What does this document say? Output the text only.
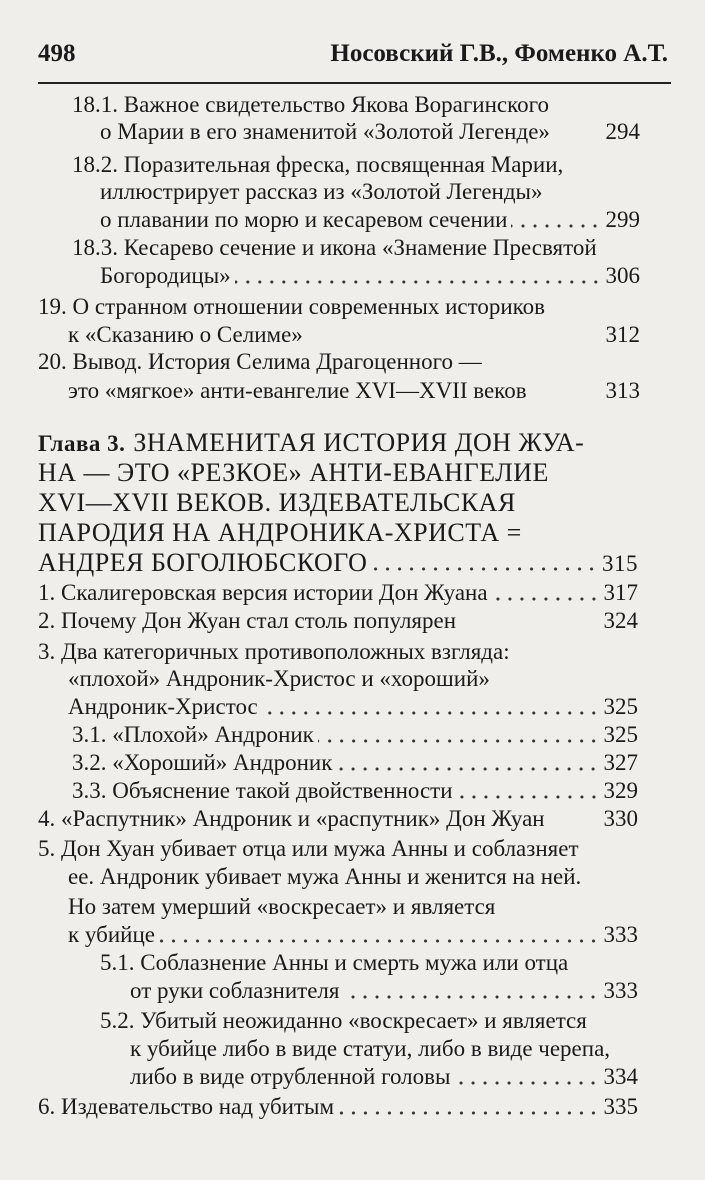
498	Носовский Г.В., Фоменко А.Т.
18.1. Важное свидетельство Якова Ворагинского
о Марии в его знаменитой «Золотой Легенде» 294
18.2. Поразительная фреска, посвященная Марии,
иллюстрирует рассказ из «Золотой Легенды»
о плавании по морю и кесаревом сечении	299
18.3. Кесарево сечение и икона «Знамение Пресвятой
Богородицы»	306
19. О странном отношении современных историков
к «Сказанию о Селиме»	312
20. Вывод. История Селима Драгоценного —
это «мягкое» анти-евангелие XVI—XVII веков	313
Глава 3. ЗНАМЕНИТАЯ ИСТОРИЯ ДОН ЖУА-
НА — ЭТО «РЕЗКОЕ» АНТИ-ЕВАНГЕЛИЕ
XVI—XVII ВЕКОВ. ИЗДЕВАТЕЛЬСКАЯ
ПАРОДИЯ НА АНДРОНИКА-ХРИСТА =
АНДРЕЯ БОГОЛЮБСКОГО	315
1. Скалигеровская версия истории Дон Жуана	317
2. Почему Дон Жуан стал столь популярен	324
3. Два категоричных противоположных взгляда:
«плохой» Андроник-Христос и «хороший»
Андроник-Христос	325
3.1. «Плохой» Андроник	325
3.2. «Хороший» Андроник	327
3.3. Объяснение такой двойственности	329
4. «Распутник» Андроник и «распутник» Дон Жуан	330
5. Дон Хуан убивает отца или мужа Анны и соблазняет
ее. Андроник убивает мужа Анны и женится на ней.
Но затем умерший «воскресает» и является
к убийце	333
5.1. Соблазнение Анны и смерть мужа или отца
от руки соблазнителя	333
5.2. Убитый неожиданно «воскресает» и является
к убийце либо в виде статуи, либо в виде черепа,
либо в виде отрубленной головы	334
6. Издевательство над убитым	335
